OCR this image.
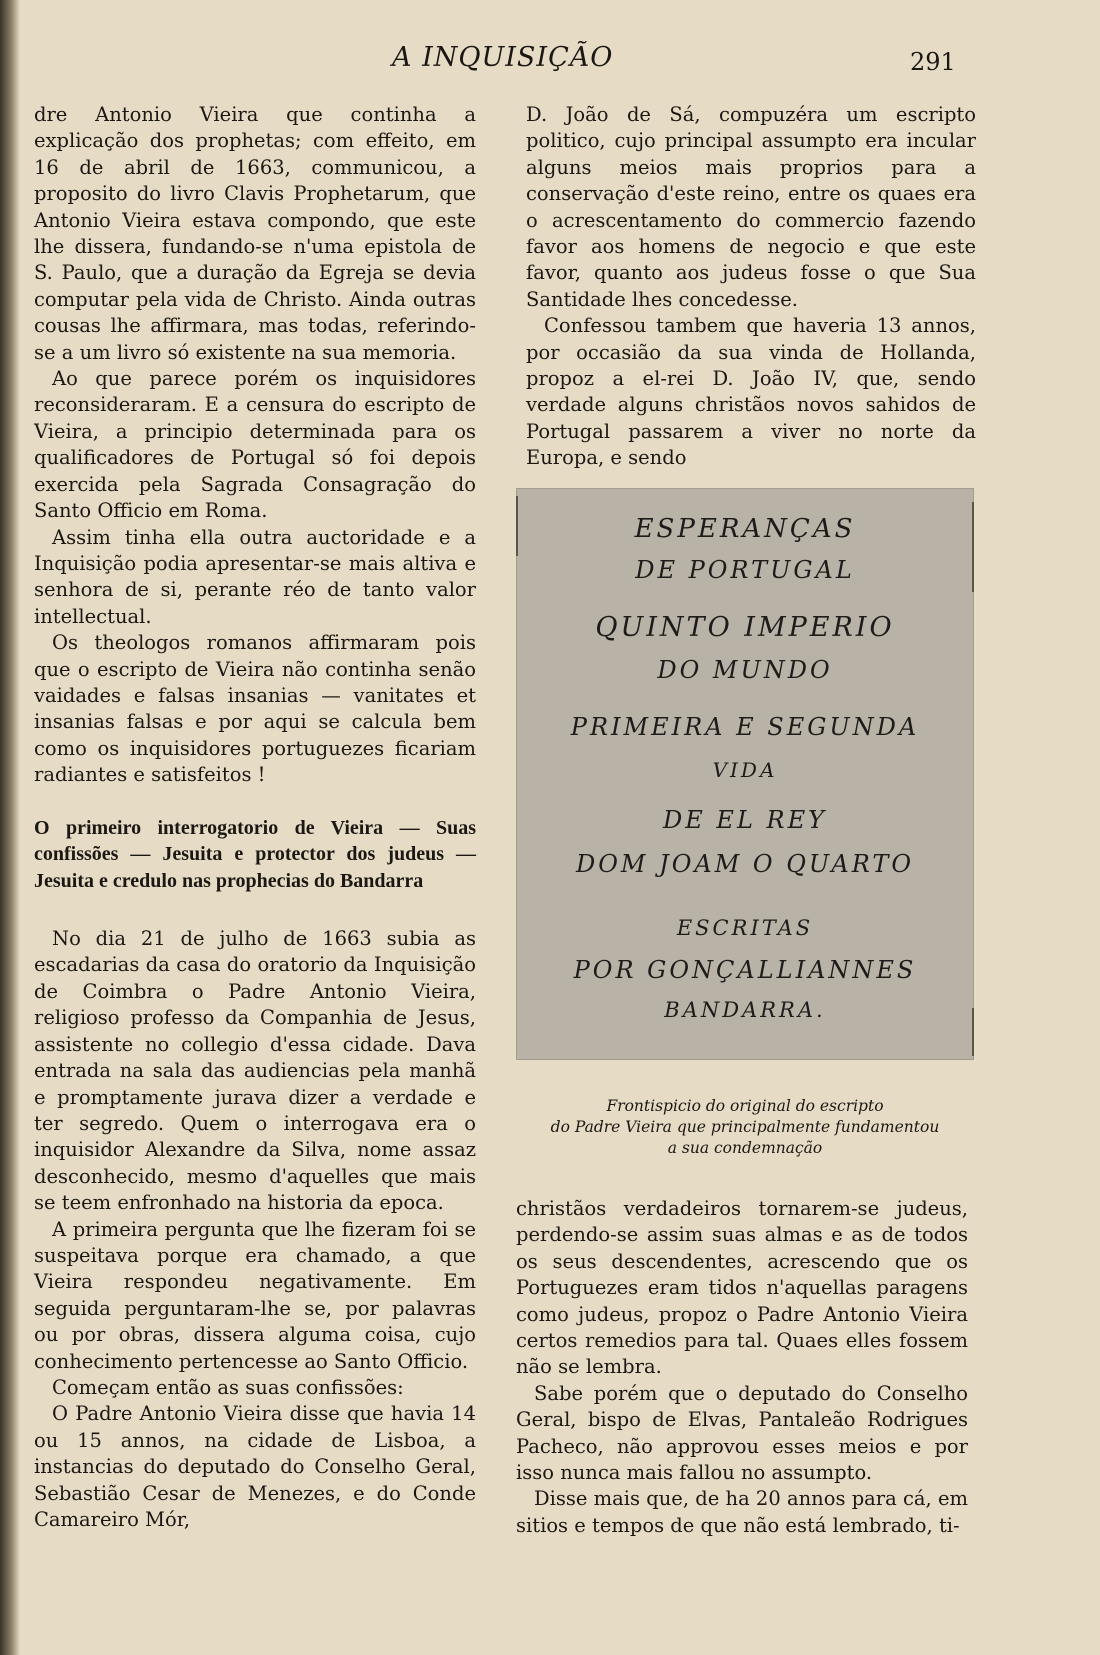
A INQUISIÇÃO	291

dre Antonio Vieira que continha a explicação dos prophetas; com effeito, em 16 de abril de 1663, communicou, a proposito do livro Clavis Prophetarum, que Antonio Vieira estava compondo, que este lhe dissera, fundando-se n'uma epistola de S. Paulo, que a duração da Egreja se devia computar pela vida de Christo. Ainda outras cousas lhe affirmara, mas todas, referindo-se a um livro só existente na sua memoria.

Ao que parece porém os inquisidores reconsideraram. E a censura do escripto de Vieira, a principio determinada para os qualificadores de Portugal só foi depois exercida pela Sagrada Consagração do Santo Officio em Roma.

Assim tinha ella outra auctoridade e a Inquisição podia apresentar-se mais altiva e senhora de si, perante réo de tanto valor intellectual.

Os theologos romanos affirmaram pois que o escripto de Vieira não continha senão vaidades e falsas insanias — vanitates et insanias falsas e por aqui se calcula bem como os inquisidores portuguezes ficariam radiantes e satisfeitos !

O primeiro interrogatorio de Vieira — Suas confissões — Jesuita e protector dos judeus — Jesuita e credulo nas prophecias do Bandarra

No dia 21 de julho de 1663 subia as escadarias da casa do oratorio da Inquisição de Coimbra o Padre Antonio Vieira, religioso professo da Companhia de Jesus, assistente no collegio d'essa cidade. Dava entrada na sala das audiencias pela manhã e promptamente jurava dizer a verdade e ter segredo. Quem o interrogava era o inquisidor Alexandre da Silva, nome assaz desconhecido, mesmo d'aquelles que mais se teem enfronhado na historia da epoca.

A primeira pergunta que lhe fizeram foi se suspeitava porque era chamado, a que Vieira respondeu negativamente. Em seguida perguntaram-lhe se, por palavras ou por obras, dissera alguma coisa, cujo conhecimento pertencesse ao Santo Officio.

Começam então as suas confissões:

O Padre Antonio Vieira disse que havia 14 ou 15 annos, na cidade de Lisboa, a instancias do deputado do Conselho Geral, Sebastião Cesar de Menezes, e do Conde Camareiro Mór,

D. João de Sá, compuzéra um escripto politico, cujo principal assumpto era incular alguns meios mais proprios para a conservação d'este reino, entre os quaes era o acrescentamento do commercio fazendo favor aos homens de negocio e que este favor, quanto aos judeus fosse o que Sua Santidade lhes concedesse.

Confessou tambem que haveria 13 annos, por occasião da sua vinda de Hollanda, propoz a el-rei D. João IV, que, sendo verdade alguns christãos novos sahidos de Portugal passarem a viver no norte da Europa, e sendo

ESPERANÇAS
DE PORTUGAL
QUINTO IMPERIO
DO MUNDO
PRIMEIRA E SEGUNDA
VIDA
DE EL REY
DOM JOAM O QUARTO
ESCRITAS
POR GONÇALLIANNES
BANDARRA.
Frontispicio do original do escripto
do Padre Vieira que principalmente fundamentou
a sua condemnação

christãos verdadeiros tornarem-se judeus, perdendo-se assim suas almas e as de todos os seus descendentes, acrescendo que os Portuguezes eram tidos n'aquellas paragens como judeus, propoz o Padre Antonio Vieira certos remedios para tal. Quaes elles fossem não se lembra.

Sabe porém que o deputado do Conselho Geral, bispo de Elvas, Pantaleão Rodrigues Pacheco, não approvou esses meios e por isso nunca mais fallou no assumpto.

Disse mais que, de ha 20 annos para cá, em sitios e tempos de que não está lembrado, ti-
